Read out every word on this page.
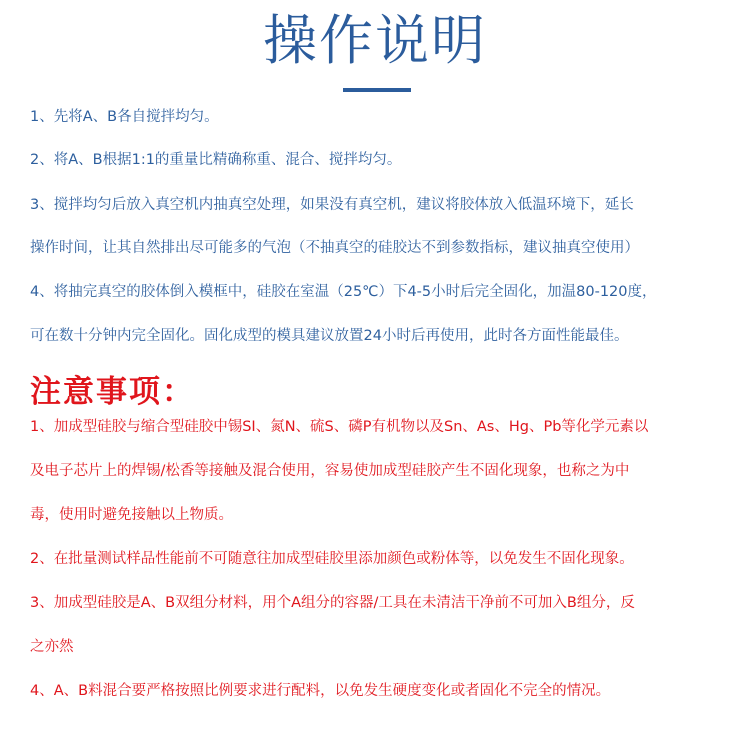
操作说明
1、先将A、B各自搅拌均匀。
2、将A、B根据1:1的重量比精确称重、混合、搅拌均匀。
3、搅拌均匀后放入真空机内抽真空处理，如果没有真空机，建议将胶体放入低温环境下，延长
操作时间，让其自然排出尽可能多的气泡（不抽真空的硅胶达不到参数指标，建议抽真空使用）
4、将抽完真空的胶体倒入模框中，硅胶在室温（25℃）下4-5小时后完全固化，加温80-120度，
可在数十分钟内完全固化。固化成型的模具建议放置24小时后再使用，此时各方面性能最佳。
注意事项：
1、加成型硅胶与缩合型硅胶中锡SI、氮N、硫S、磷P有机物以及Sn、As、Hg、Pb等化学元素以
及电子芯片上的焊锡/松香等接触及混合使用，容易使加成型硅胶产生不固化现象，也称之为中
毒，使用时避免接触以上物质。
2、在批量测试样品性能前不可随意往加成型硅胶里添加颜色或粉体等，以免发生不固化现象。
3、加成型硅胶是A、B双组分材料，用个A组分的容器/工具在未清洁干净前不可加入B组分，反
之亦然
4、A、B料混合要严格按照比例要求进行配料，以免发生硬度变化或者固化不完全的情况。
